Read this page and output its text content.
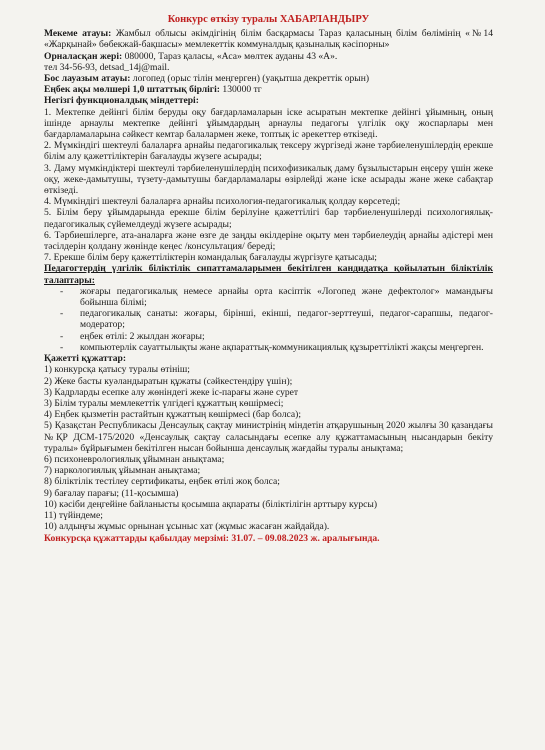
Конкурс өткізу туралы ХАБАРЛАНДЫРУ

Мекеме атауы: Жамбыл облысы әкімдігінің білім басқармасы Тараз қаласының білім бөлімінің «№14 «Жарқынай» бөбекжай-бақшасы» мемлекеттік коммуналдық қазыналық кәсіпорны»

Орналасқан жері: 080000, Тараз қаласы, «Аса» мөлтек ауданы 43 «А».

тел 34-56-93, detsad_14j@mail.

Бос лауазым атауы: логопед (орыс тілін меңгерген) (уақытша декреттік орын)

Еңбек ақы мөлшері 1,0 штаттық бірлігі: 130000 тг

Негізгі функционалдық міндеттері:

1. Мектепке дейінгі білім беруды оқу бағдарламаларын іске асыратын мектепке дейінгі ұйымның, оның ішінде арнаулы мектепке дейінгі ұйымдардың арнаулы педагогы үлгілік оқу жоспарлары мен бағдарламаларына сәйкест кемтар балалармен жеке, топтық іс әрекеттер өткізеді.

2. Мүмкіндігі шектеулі балаларға арнайы педагогикалық тексеру жүргізеді және тәрбиеленушілердің ерекше білім алу қажеттіліктерін бағалауды жүзеге асырады;

3. Даму мүмкіндіктері шектеулі тәрбиеленушілердің психофизикалық даму бұзылыстарын еңсеру үшін жеке оқу, жеке-дамытушы, түзету-дамытушы бағдарламалары өзірлейді және іске асырады және жеке сабақтар өткізеді.

4. Мүмкіндігі шектеулі балаларға арнайы психология-педагогикалық қолдау көрсетеді;

5. Білім беру ұйымдарында ерекше білім берілуіне қажеттілігі бар тәрбиеленушілерді психологиялық-педагогикалық сүйемелдеуді жүзеге асырады;

6. Тәрбиешілерге, ата-аналарға және өзге де заңды өкілдеріне оқыту мен тәрбиелеудің арнайы әдістері мен тәсілдерін қолдану жөнінде кеңес /консультация/ береді;

7. Ерекше білім беру қажеттіліктерін командалық бағалауды жүргізуге қатысады;

Педагогтердің үлгілік біліктілік сипаттамаларымен бекітілген кандидатқа қойылатын біліктілік талаптары:

- жоғары педагогикалық немесе арнайы орта кәсіптік «Логопед және дефектолог» мамандығы бойынша білімі;
- педагогикалық санаты: жоғары, бірінші, екінші, педагог-зерттеуші, педагог-сарапшы, педагог-модератор;
- еңбек өтілі: 2 жылдан жоғары;
- компьютерлік сауаттылықты және ақпараттық-коммуникациялық құзыреттілікті жақсы меңгерген.

Қажетті құжаттар:

1) конкурсқа қатысу туралы өтініш;

2) Жеке басты куәландыратын құжаты (сәйкестендіру үшін);

3) Кадрларды есепке алу жөніндегі жеке іс-парағы және сурет

3) Білім туралы мемлекеттік үлгідегі құжаттың көшірмесі;

4) Еңбек қызметін растайтын құжаттың көшірмесі (бар болса);

5) Қазақстан Республикасы Денсаулық сақтау министрінің міндетін атқарушының 2020 жылғы 30 қазандағы №ҚР ДСМ-175/2020 «Денсаулық сақтау саласындағы есепке алу құжаттамасының нысандарын бекіту туралы» бұйрығымен бекітілген нысан бойынша денсаулық жағдайы туралы анықтама;

6) психоневрологиялық ұйымнан анықтама;

7) наркологиялық ұйымнан анықтама;

8) біліктілік тестілеу сертификаты, еңбек өтілі жоқ болса;

9) бағалау парағы; (11-қосымша)

10) кәсіби деңгейіне байланысты қосымша ақпараты (біліктілігін арттыру курсы)

11) түйіндеме;

10) алдыңғы жұмыс орнынан ұсыныс хат (жұмыс жасаған жайдайда).

Конкурсқа құжаттарды қабылдау мерзімі: 31.07. – 09.08.2023 ж. аралығында.
